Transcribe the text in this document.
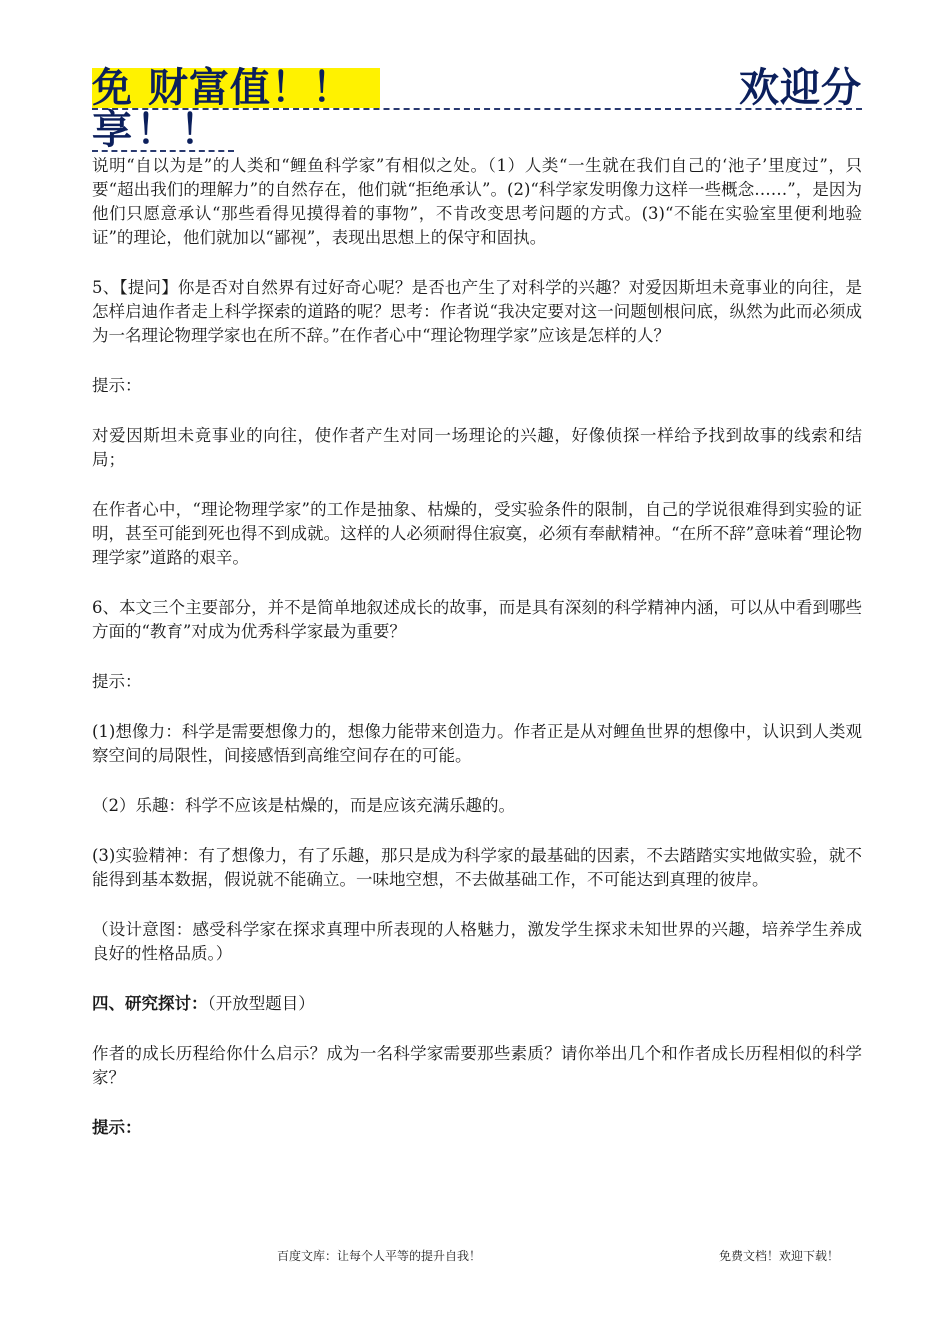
免 财富值！！	欢迎分
享！！

说明“自以为是”的人类和“鲤鱼科学家”有相似之处。（1）人类“一生就在我们自己的‘池子’里度过”，只要“超出我们的理解力”的自然存在，他们就“拒绝承认”。(2)“科学家发明像力这样一些概念……”，是因为他们只愿意承认“那些看得见摸得着的事物”，不肯改变思考问题的方式。(3)“不能在实验室里便利地验证”的理论，他们就加以“鄙视”，表现出思想上的保守和固执。

5、【提问】你是否对自然界有过好奇心呢？是否也产生了对科学的兴趣？对爱因斯坦未竟事业的向往，是怎样启迪作者走上科学探索的道路的呢？思考：作者说“我决定要对这一问题刨根问底，纵然为此而必须成为一名理论物理学家也在所不辞。”在作者心中“理论物理学家”应该是怎样的人？

提示：

对爱因斯坦未竟事业的向往，使作者产生对同一场理论的兴趣，好像侦探一样给予找到故事的线索和结局；

在作者心中，“理论物理学家”的工作是抽象、枯燥的，受实验条件的限制，自己的学说很难得到实验的证明，甚至可能到死也得不到成就。这样的人必须耐得住寂寞，必须有奉献精神。“在所不辞”意味着“理论物理学家”道路的艰辛。

6、本文三个主要部分，并不是简单地叙述成长的故事，而是具有深刻的科学精神内涵，可以从中看到哪些方面的“教育”对成为优秀科学家最为重要？

提示：

(1)想像力：科学是需要想像力的，想像力能带来创造力。作者正是从对鲤鱼世界的想像中，认识到人类观察空间的局限性，间接感悟到高维空间存在的可能。

（2）乐趣：科学不应该是枯燥的，而是应该充满乐趣的。

(3)实验精神：有了想像力，有了乐趣，那只是成为科学家的最基础的因素，不去踏踏实实地做实验，就不能得到基本数据，假说就不能确立。一味地空想，不去做基础工作，不可能达到真理的彼岸。

（设计意图：感受科学家在探求真理中所表现的人格魅力，激发学生探求未知世界的兴趣，培养学生养成良好的性格品质。）

四、研究探讨：（开放型题目）

作者的成长历程给你什么启示？成为一名科学家需要那些素质？请你举出几个和作者成长历程相似的科学家？

提示：

百度文库：让每个人平等的提升自我！	免费文档！欢迎下载！
